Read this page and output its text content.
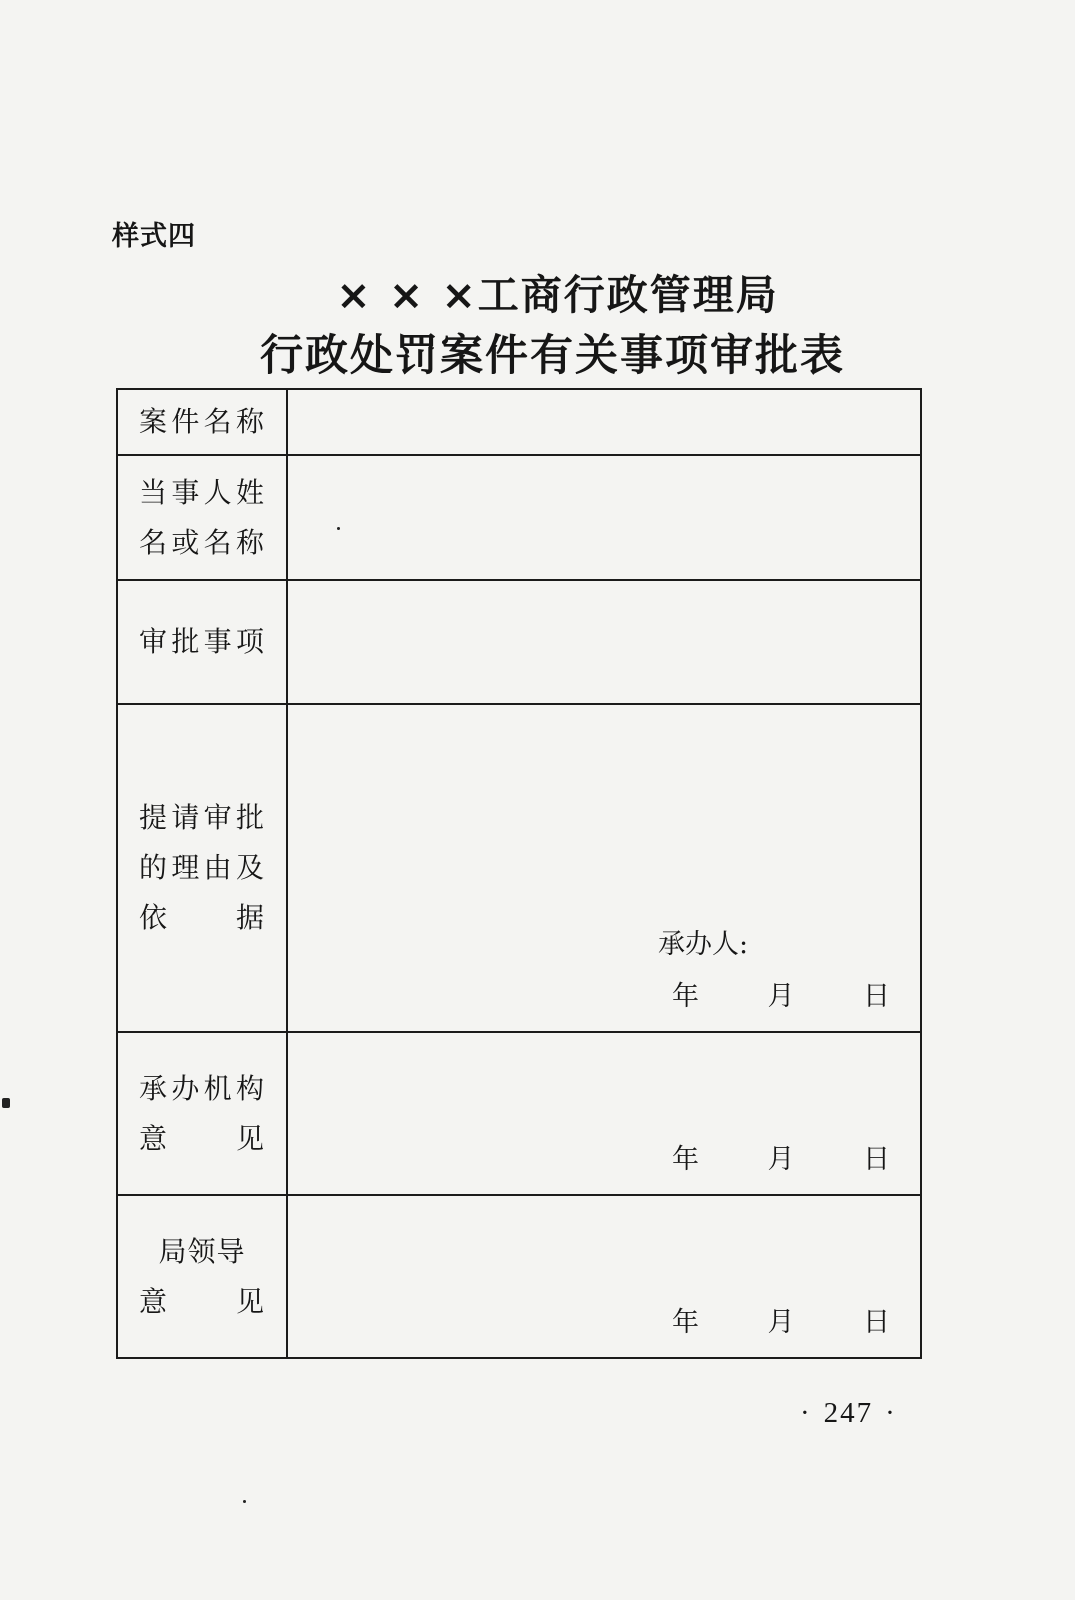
样式四
× × ×工商行政管理局
行政处罚案件有关事项审批表
案件名称	

当事人姓
名或名称	

审批事项	

提请审批
的理由及
依 据	承办人:
年 月 日

承办机构
意 见	年 月 日

局领导
意 见	年 月 日
· 247 ·
